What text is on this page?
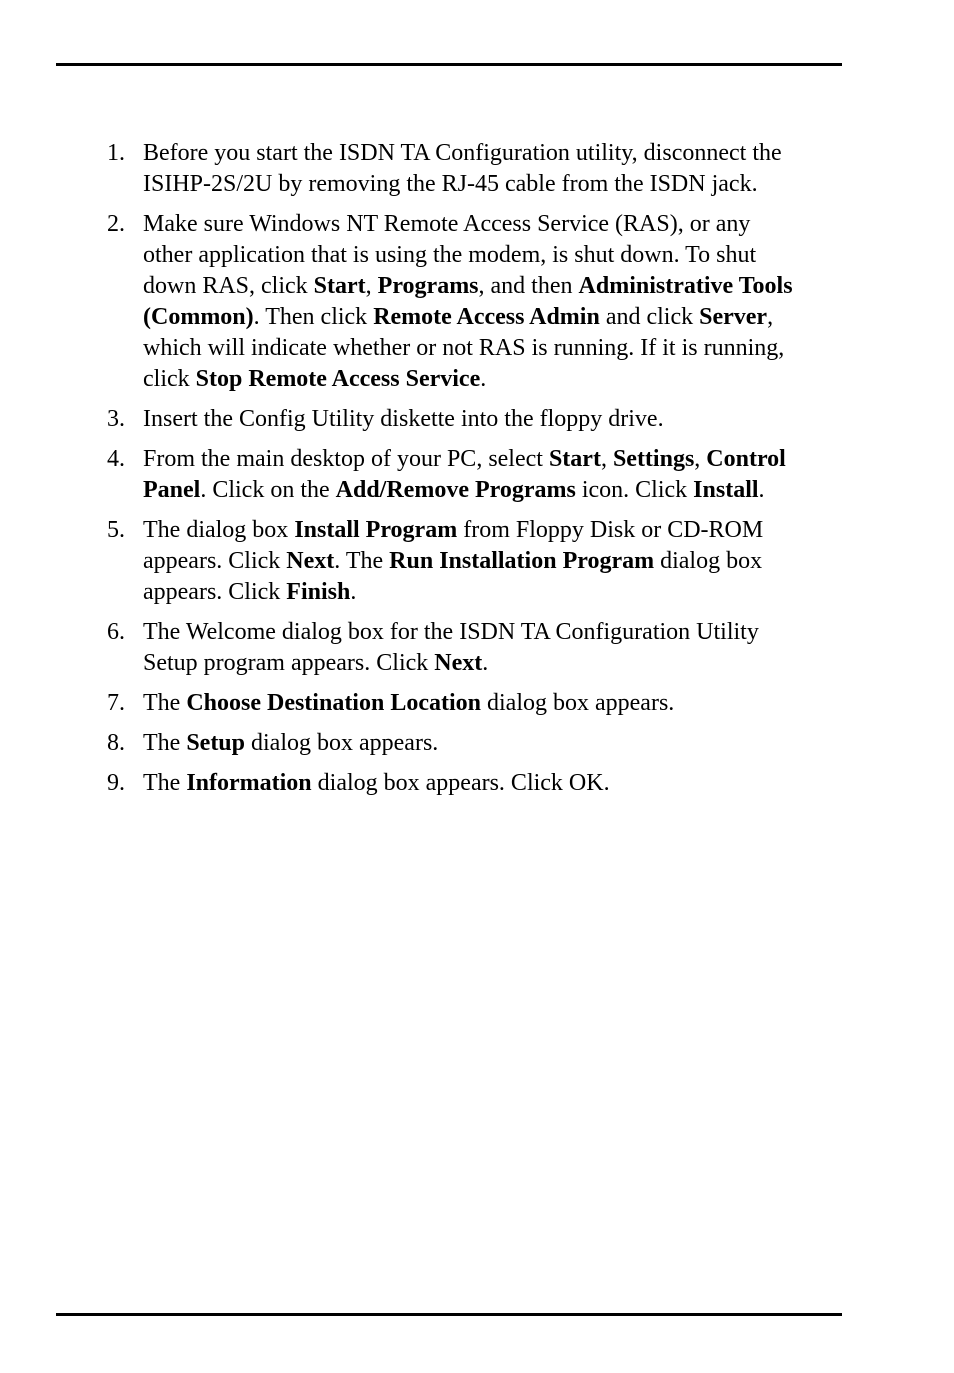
1. Before you start the ISDN TA Configuration utility, disconnect the
ISIHP-2S/2U by removing the RJ-45 cable from the ISDN jack.
2. Make sure Windows NT Remote Access Service (RAS), or any
other application that is using the modem, is shut down. To shut
down RAS, click Start, Programs, and then Administrative Tools
(Common). Then click Remote Access Admin and click Server,
which will indicate whether or not RAS is running. If it is running,
click Stop Remote Access Service.
3. Insert the Config Utility diskette into the floppy drive.
4. From the main desktop of your PC, select Start, Settings, Control
Panel. Click on the Add/Remove Programs icon. Click Install.
5. The dialog box Install Program from Floppy Disk or CD-ROM
appears. Click Next. The Run Installation Program dialog box
appears. Click Finish.
6. The Welcome dialog box for the ISDN TA Configuration Utility
Setup program appears. Click Next.
7. The Choose Destination Location dialog box appears.
8. The Setup dialog box appears.
9. The Information dialog box appears. Click OK.
